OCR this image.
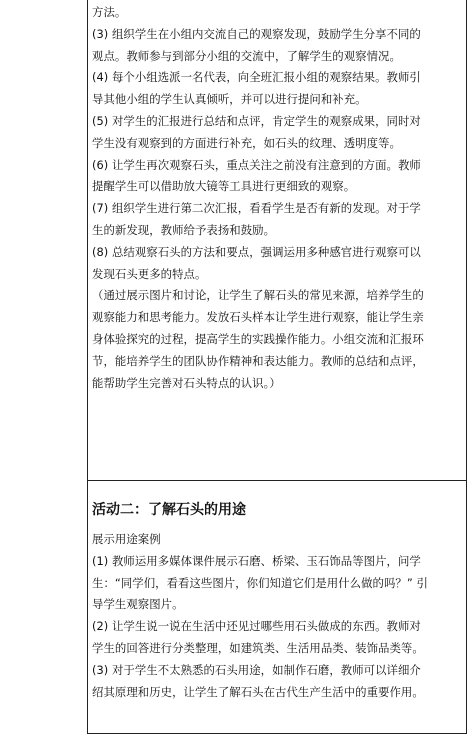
方法。
(3) 组织学生在小组内交流自己的观察发现，鼓励学生分享不同的
观点。教师参与到部分小组的交流中，了解学生的观察情况。
(4) 每个小组选派一名代表，向全班汇报小组的观察结果。教师引
导其他小组的学生认真倾听，并可以进行提问和补充。
(5) 对学生的汇报进行总结和点评，肯定学生的观察成果，同时对
学生没有观察到的方面进行补充，如石头的纹理、透明度等。
(6) 让学生再次观察石头，重点关注之前没有注意到的方面。教师
提醒学生可以借助放大镜等工具进行更细致的观察。
(7) 组织学生进行第二次汇报，看看学生是否有新的发现。对于学
生的新发现，教师给予表扬和鼓励。
(8) 总结观察石头的方法和要点，强调运用多种感官进行观察可以
发现石头更多的特点。
（通过展示图片和讨论，让学生了解石头的常见来源，培养学生的
观察能力和思考能力。发放石头样本让学生进行观察，能让学生亲
身体验探究的过程，提高学生的实践操作能力。小组交流和汇报环
节，能培养学生的团队协作精神和表达能力。教师的总结和点评，
能帮助学生完善对石头特点的认识。）
活动二：了解石头的用途
展示用途案例
(1) 教师运用多媒体课件展示石磨、桥梁、玉石饰品等图片，问学
生：“同学们，看看这些图片，你们知道它们是用什么做的吗？” 引
导学生观察图片。
(2) 让学生说一说在生活中还见过哪些用石头做成的东西。教师对
学生的回答进行分类整理，如建筑类、生活用品类、装饰品类等。
(3) 对于学生不太熟悉的石头用途，如制作石磨，教师可以详细介
绍其原理和历史，让学生了解石头在古代生产生活中的重要作用。
